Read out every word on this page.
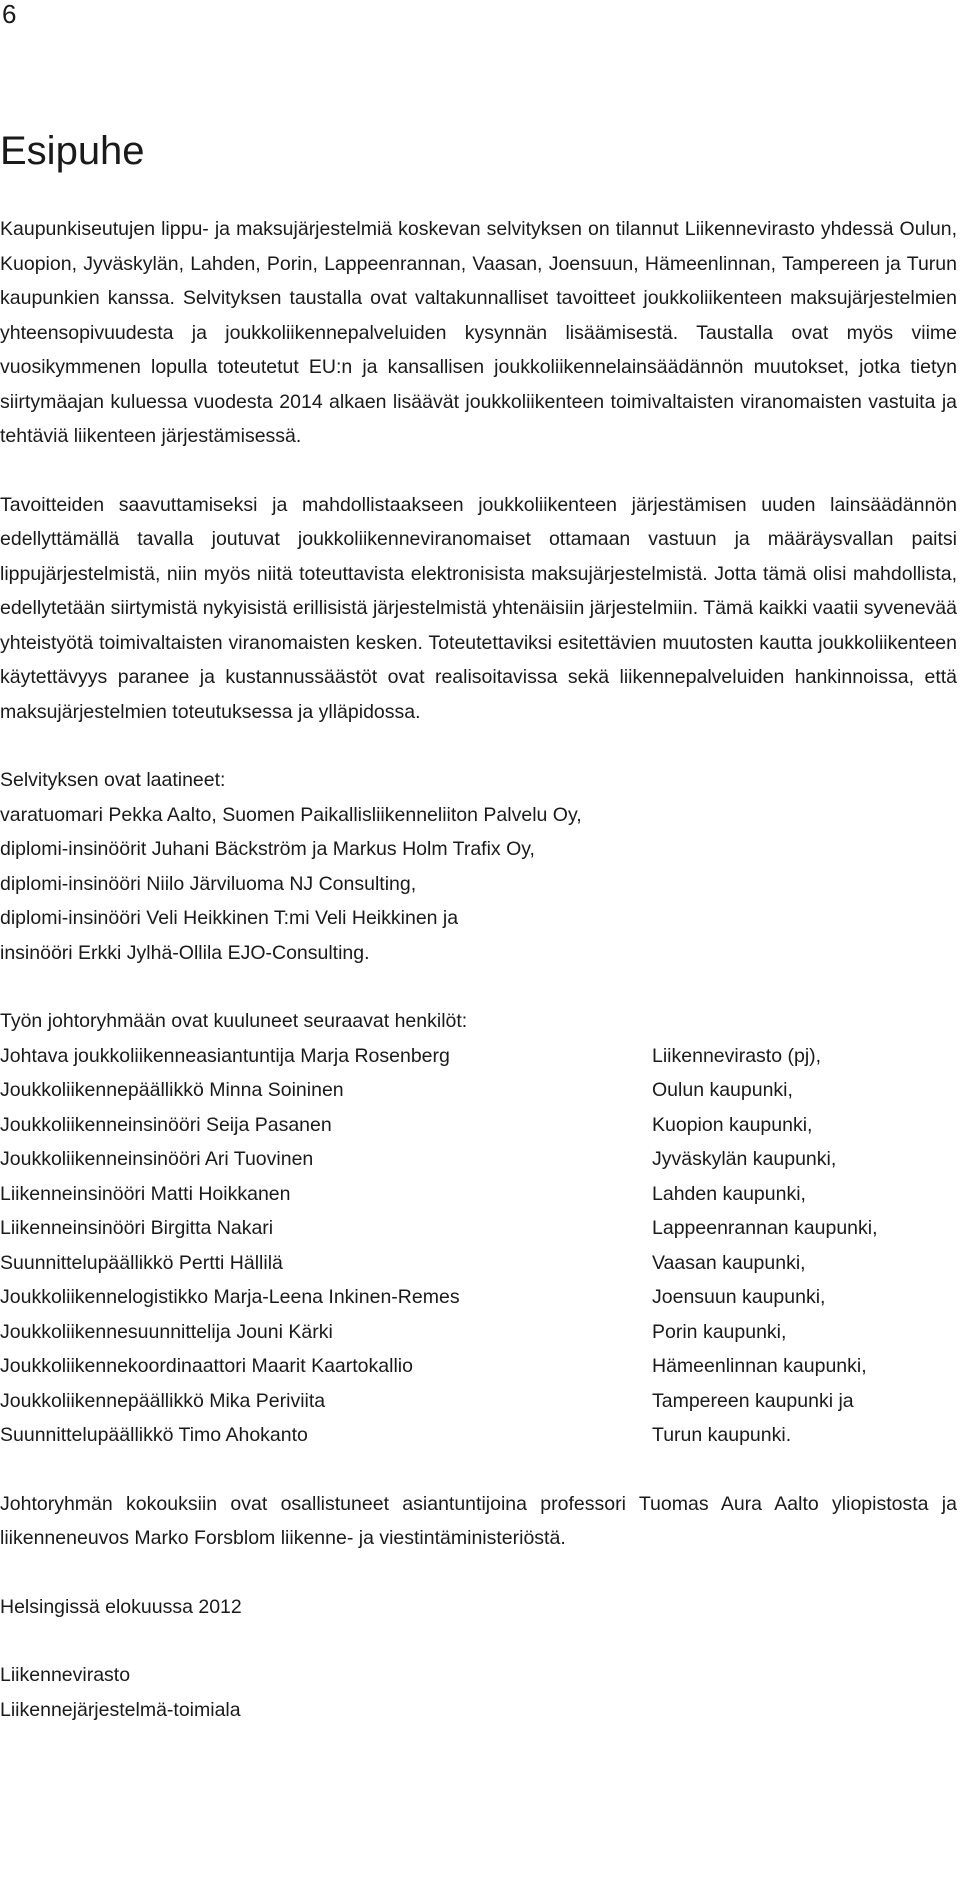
6
Esipuhe

Kaupunkiseutujen lippu- ja maksujärjestelmiä koskevan selvityksen on tilannut Liikennevirasto yhdessä Oulun, Kuopion, Jyväskylän, Lahden, Porin, Lappeenrannan, Vaasan, Joensuun, Hämeenlinnan, Tampereen ja Turun kaupunkien kanssa. Selvityksen taustalla ovat valtakunnalliset tavoitteet joukkoliikenteen maksujärjestelmien yhteensopivuudesta ja joukkoliikennepalveluiden kysynnän lisäämisestä. Taustalla ovat myös viime vuosikymmenen lopulla toteutetut EU:n ja kansallisen joukkoliikennelainsäädännön muutokset, jotka tietyn siirtymäajan kuluessa vuodesta 2014 alkaen lisäävät joukkoliikenteen toimivaltaisten viranomaisten vastuita ja tehtäviä liikenteen järjestämisessä.

Tavoitteiden saavuttamiseksi ja mahdollistaakseen joukkoliikenteen järjestämisen uuden lainsäädännön edellyttämällä tavalla joutuvat joukkoliikenneviranomaiset ottamaan vastuun ja määräysvallan paitsi lippujärjestelmistä, niin myös niitä toteuttavista elektronisista maksujärjestelmistä. Jotta tämä olisi mahdollista, edellytetään siirtymistä nykyisistä erillisistä järjestelmistä yhtenäisiin järjestelmiin. Tämä kaikki vaatii syvenevää yhteistyötä toimivaltaisten viranomaisten kesken. Toteutettaviksi esitettävien muutosten kautta joukkoliikenteen käytettävyys paranee ja kustannussäästöt ovat realisoitavissa sekä liikennepalveluiden hankinnoissa, että maksujärjestelmien toteutuksessa ja ylläpidossa.

Selvityksen ovat laatineet:

varatuomari Pekka Aalto, Suomen Paikallisliikenneliiton Palvelu Oy,

diplomi-insinöörit Juhani Bäckström ja Markus Holm Trafix Oy,

diplomi-insinööri Niilo Järviluoma NJ Consulting,

diplomi-insinööri Veli Heikkinen T:mi Veli Heikkinen ja

insinööri Erkki Jylhä-Ollila EJO-Consulting.

Työn johtoryhmään ovat kuuluneet seuraavat henkilöt:

Johtava joukkoliikenneasiantuntija Marja Rosenberg	Liikennevirasto (pj),
Joukkoliikennepäällikkö Minna Soininen	Oulun kaupunki,
Joukkoliikenneinsinööri Seija Pasanen	Kuopion kaupunki,
Joukkoliikenneinsinööri Ari Tuovinen	Jyväskylän kaupunki,
Liikenneinsinööri Matti Hoikkanen	Lahden kaupunki,
Liikenneinsinööri Birgitta Nakari	Lappeenrannan kaupunki,
Suunnittelupäällikkö Pertti Hällilä	Vaasan kaupunki,
Joukkoliikennelogistikko Marja-Leena Inkinen-Remes	Joensuun kaupunki,
Joukkoliikennesuunnittelija Jouni Kärki	Porin kaupunki,
Joukkoliikennekoordinaattori Maarit Kaartokallio	Hämeenlinnan kaupunki,
Joukkoliikennepäällikkö Mika Periviita	Tampereen kaupunki ja
Suunnittelupäällikkö Timo Ahokanto	Turun kaupunki.

Johtoryhmän kokouksiin ovat osallistuneet asiantuntijoina professori Tuomas Aura Aalto yliopistosta ja liikenneneuvos Marko Forsblom liikenne- ja viestintäministeriöstä.

Helsingissä elokuussa 2012

Liikennevirasto

Liikennejärjestelmä-toimiala
